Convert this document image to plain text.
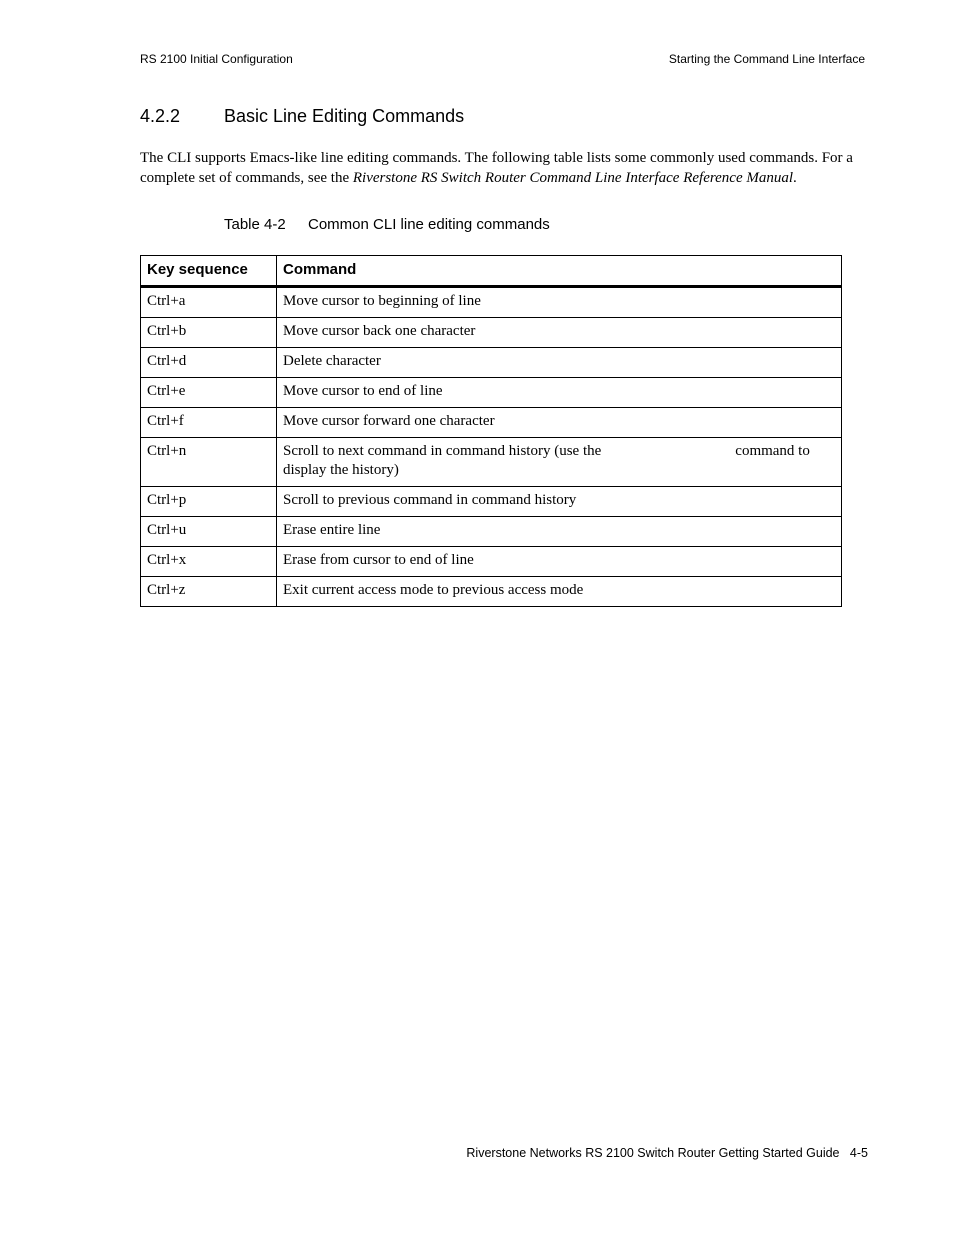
RS 2100 Initial Configuration	Starting the Command Line Interface
4.2.2 Basic Line Editing Commands

The CLI supports Emacs-like line editing commands. The following table lists some commonly used commands. For a complete set of commands, see the Riverstone RS Switch Router Command Line Interface Reference Manual.

Table 4-2 Common CLI line editing commands
Key sequence	Command
Ctrl+a	Move cursor to beginning of line
Ctrl+b	Move cursor back one character
Ctrl+d	Delete character
Ctrl+e	Move cursor to end of line
Ctrl+f	Move cursor forward one character
Ctrl+n	Scroll to next command in command history (use the command to display the history)
Ctrl+p	Scroll to previous command in command history
Ctrl+u	Erase entire line
Ctrl+x	Erase from cursor to end of line
Ctrl+z	Exit current access mode to previous access mode
Riverstone Networks RS 2100 Switch Router Getting Started Guide 4-5
